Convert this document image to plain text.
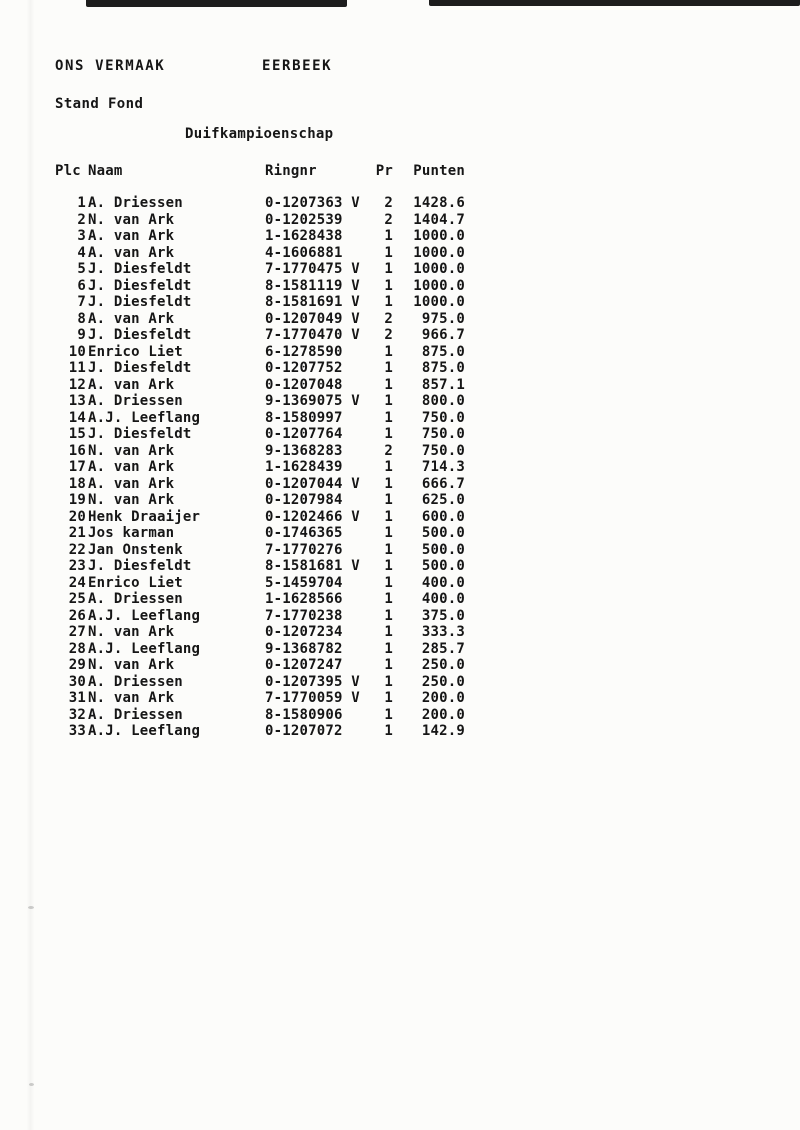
ONS VERMAAK	EERBEEK
Stand Fond
Duifkampioenschap
Plc Naam	Ringnr	Pr	Punten
1 A. Driessen	0-1207363 V	2	1428.6
2 N. van Ark	0-1202539	2	1404.7
3 A. van Ark	1-1628438	1	1000.0
4 A. van Ark	4-1606881	1	1000.0
5 J. Diesfeldt	7-1770475 V	1	1000.0
6 J. Diesfeldt	8-1581119 V	1	1000.0
7 J. Diesfeldt	8-1581691 V	1	1000.0
8 A. van Ark	0-1207049 V	2	975.0
9 J. Diesfeldt	7-1770470 V	2	966.7
10 Enrico Liet	6-1278590	1	875.0
11 J. Diesfeldt	0-1207752	1	875.0
12 A. van Ark	0-1207048	1	857.1
13 A. Driessen	9-1369075 V	1	800.0
14 A.J. Leeflang	8-1580997	1	750.0
15 J. Diesfeldt	0-1207764	1	750.0
16 N. van Ark	9-1368283	2	750.0
17 A. van Ark	1-1628439	1	714.3
18 A. van Ark	0-1207044 V	1	666.7
19 N. van Ark	0-1207984	1	625.0
20 Henk Draaijer	0-1202466 V	1	600.0
21 Jos karman	0-1746365	1	500.0
22 Jan Onstenk	7-1770276	1	500.0
23 J. Diesfeldt	8-1581681 V	1	500.0
24 Enrico Liet	5-1459704	1	400.0
25 A. Driessen	1-1628566	1	400.0
26 A.J. Leeflang	7-1770238	1	375.0
27 N. van Ark	0-1207234	1	333.3
28 A.J. Leeflang	9-1368782	1	285.7
29 N. van Ark	0-1207247	1	250.0
30 A. Driessen	0-1207395 V	1	250.0
31 N. van Ark	7-1770059 V	1	200.0
32 A. Driessen	8-1580906	1	200.0
33 A.J. Leeflang	0-1207072	1	142.9
